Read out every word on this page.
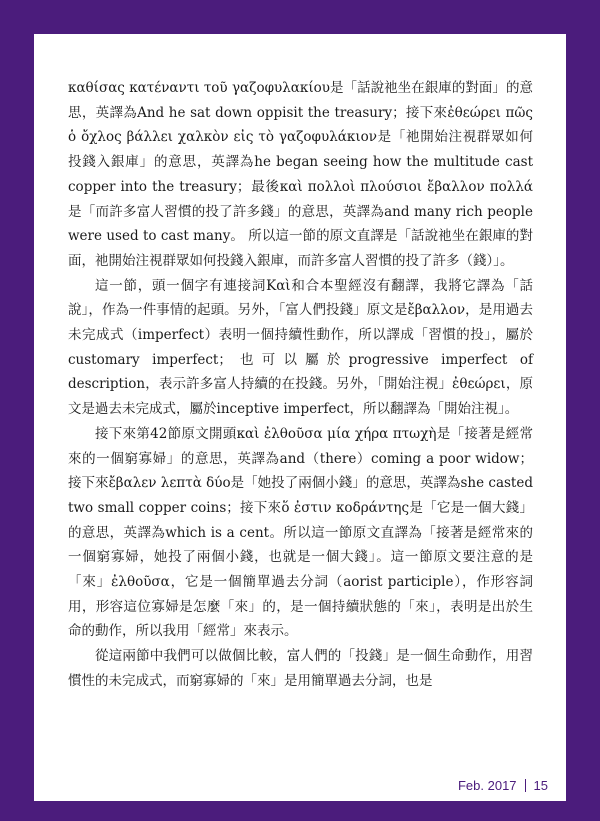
καθίσας κατέναντι τοῦ γαζοφυλακίου是「話說祂坐在銀庫的對面」的意思，英譯為And he sat down oppisit the treasury；接下來ἐθεώρει πῶς ὁ ὄχλος βάλλει χαλκὸν εἰς τὸ γαζοφυλάκιον是「祂開始注視群眾如何投錢入銀庫」的意思，英譯為he began seeing how the multitude cast copper into the treasury；最後καὶ πολλοὶ πλούσιοι ἔβαλλον πολλά是「而許多富人習慣的投了許多錢」的意思，英譯為and many rich people were used to cast many。 所以這一節的原文直譯是「話說祂坐在銀庫的對面，祂開始注視群眾如何投錢入銀庫，而許多富人習慣的投了許多（錢）」。

這一節，頭一個字有連接詞Καὶ和合本聖經沒有翻譯，我將它譯為「話說」，作為一件事情的起頭。另外，「富人們投錢」原文是ἔβαλλον，是用過去未完成式（imperfect）表明一個持續性動作，所以譯成「習慣的投」，屬於customary imperfect；也可以屬於progressive imperfect of description，表示許多富人持續的在投錢。另外，「開始注視」ἐθεώρει，原文是過去未完成式，屬於inceptive imperfect，所以翻譯為「開始注視」。

接下來第42節原文開頭καὶ ἐλθοῦσα μία χήρα πτωχὴ是「接著是經常來的一個窮寡婦」的意思，英譯為and（there）coming a poor widow；接下來ἔβαλεν λεπτὰ δύο是「她投了兩個小錢」的意思，英譯為she casted two small copper coins；接下來ὅ ἐστιν κοδράντης是「它是一個大錢」的意思，英譯為which is a cent。所以這一節原文直譯為「接著是經常來的一個窮寡婦，她投了兩個小錢，也就是一個大錢」。這一節原文要注意的是「來」ἐλθοῦσα，它是一個簡單過去分詞（aorist participle），作形容詞用，形容這位寡婦是怎麼「來」的，是一個持續狀態的「來」，表明是出於生命的動作，所以我用「經常」來表示。

從這兩節中我們可以做個比較，富人們的「投錢」是一個生命動作，用習慣性的未完成式，而窮寡婦的「來」是用簡單過去分詞，也是

Feb. 2017 15
